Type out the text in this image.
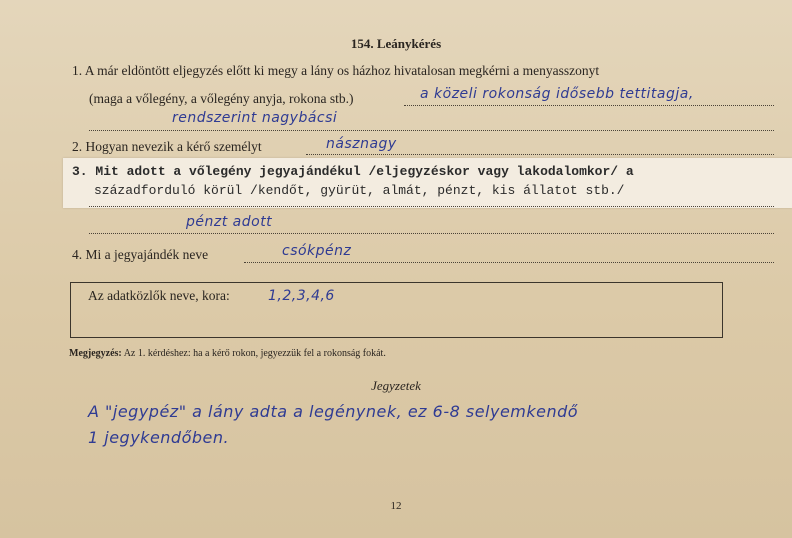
154. Leánykérés
1. A már eldöntött eljegyzés előtt ki megy a lány os házhoz hivatalosan megkérni a menyasszonyt
(maga a vőlegény, a vőlegény anyja, rokona stb.)	a közeli rokonság idősebb tettitagja,
rendszerint nagybácsi
2. Hogyan nevezik a kérő személyt	násznagy
3. Mit adott a vőlegény jegyajándékul /eljegyzéskor vagy lakodalomkor/ a
századforduló körül /kendőt, gyürüt, almát, pénzt, kis állatot stb./
pénzt adott
4. Mi a jegyajándék neve	csókpénz
Az adatközlők neve, kora:	1,2,3,4,6
Megjegyzés: Az 1. kérdéshez: ha a kérő rokon, jegyezzük fel a rokonság fokát.
Jegyzetek
A "jegypéz" a lány adta a legénynek, ez 6-8 selyemkendő
1 jegykendőben.
12
